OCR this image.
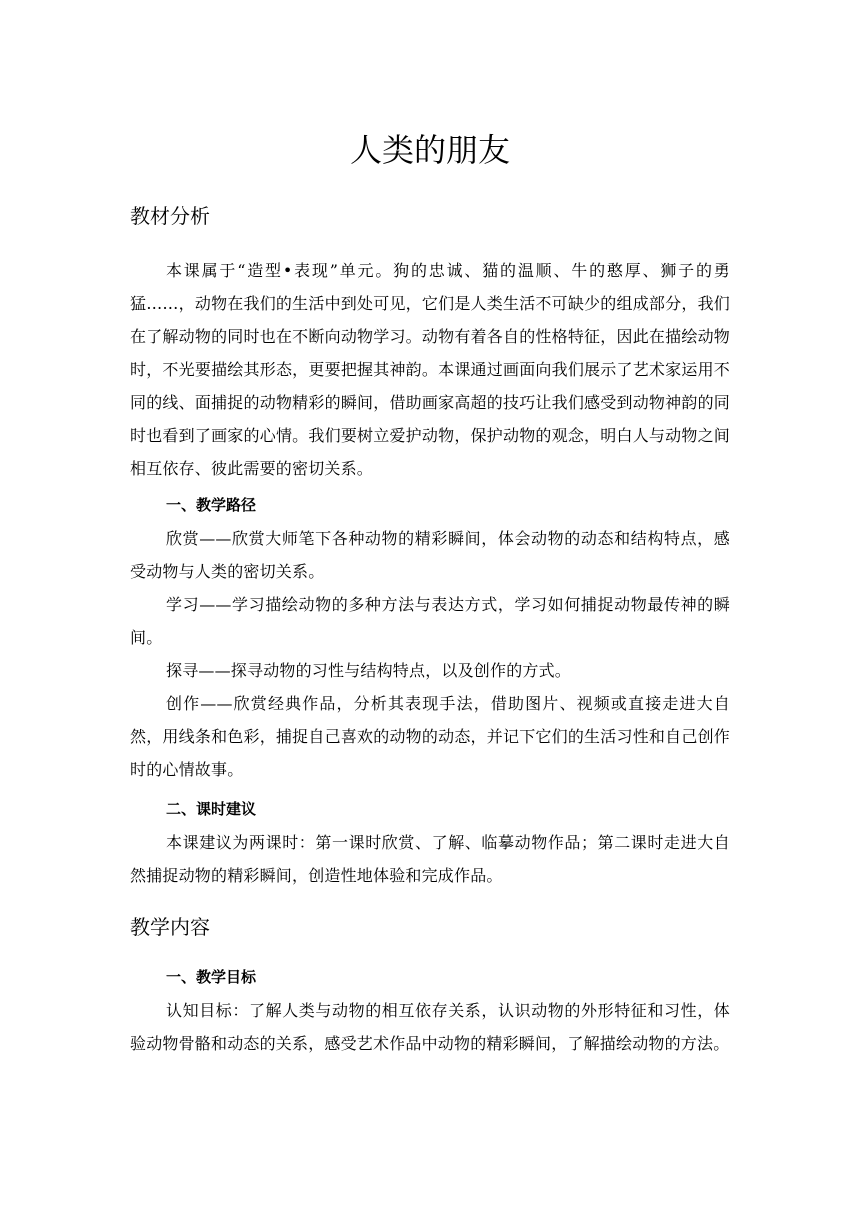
人类的朋友
教材分析

本课属于“造型•表现”单元。狗的忠诚、猫的温顺、牛的憨厚、狮子的勇猛……，动物在我们的生活中到处可见，它们是人类生活不可缺少的组成部分，我们在了解动物的同时也在不断向动物学习。动物有着各自的性格特征，因此在描绘动物时，不光要描绘其形态，更要把握其神韵。本课通过画面向我们展示了艺术家运用不同的线、面捕捉的动物精彩的瞬间，借助画家高超的技巧让我们感受到动物神韵的同时也看到了画家的心情。我们要树立爱护动物，保护动物的观念，明白人与动物之间相互依存、彼此需要的密切关系。

一、教学路径

欣赏——欣赏大师笔下各种动物的精彩瞬间，体会动物的动态和结构特点，感受动物与人类的密切关系。

学习——学习描绘动物的多种方法与表达方式，学习如何捕捉动物最传神的瞬间。

探寻——探寻动物的习性与结构特点，以及创作的方式。

创作——欣赏经典作品，分析其表现手法，借助图片、视频或直接走进大自然，用线条和色彩，捕捉自己喜欢的动物的动态，并记下它们的生活习性和自己创作时的心情故事。

二、课时建议

本课建议为两课时：第一课时欣赏、了解、临摹动物作品；第二课时走进大自然捕捉动物的精彩瞬间，创造性地体验和完成作品。

教学内容
一、教学目标

认知目标：了解人类与动物的相互依存关系，认识动物的外形特征和习性，体验动物骨骼和动态的关系，感受艺术作品中动物的精彩瞬间，了解描绘动物的方法。
